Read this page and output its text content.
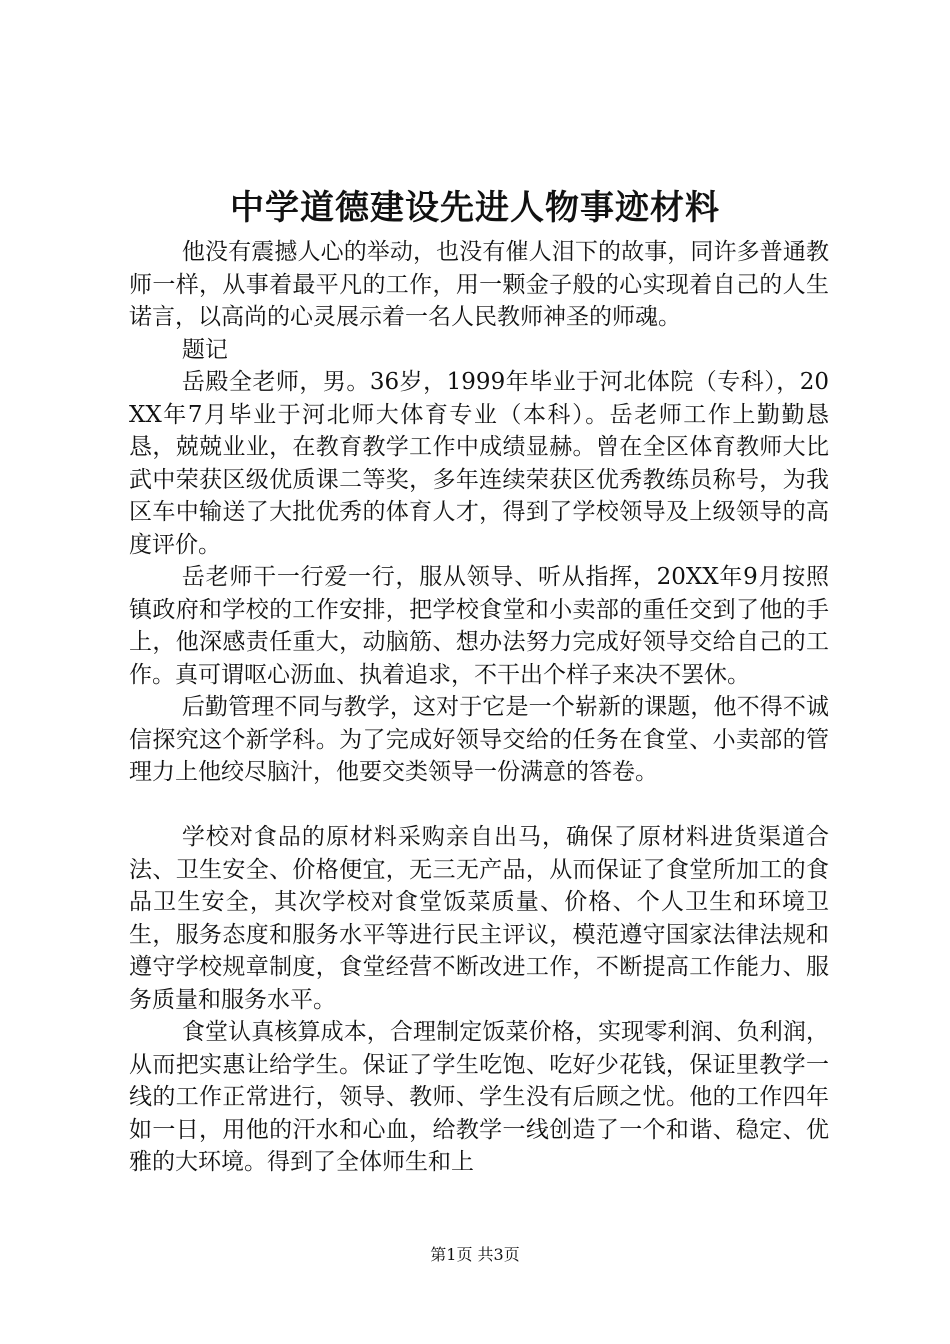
中学道德建设先进人物事迹材料

他没有震撼人心的举动，也没有催人泪下的故事，同许多普通教师一样，从事着最平凡的工作，用一颗金子般的心实现着自己的人生诺言，以高尚的心灵展示着一名人民教师神圣的师魂。

题记

岳殿全老师，男。36岁，1999年毕业于河北体院（专科），20XX年7月毕业于河北师大体育专业（本科）。岳老师工作上勤勤恳恳，兢兢业业，在教育教学工作中成绩显赫。曾在全区体育教师大比武中荣获区级优质课二等奖，多年连续荣获区优秀教练员称号，为我区车中输送了大批优秀的体育人才，得到了学校领导及上级领导的高度评价。

岳老师干一行爱一行，服从领导、听从指挥，20XX年9月按照镇政府和学校的工作安排，把学校食堂和小卖部的重任交到了他的手上，他深感责任重大，动脑筋、想办法努力完成好领导交给自己的工作。真可谓呕心沥血、执着追求，不干出个样子来决不罢休。

后勤管理不同与教学，这对于它是一个崭新的课题，他不得不诚信探究这个新学科。为了完成好领导交给的任务在食堂、小卖部的管理力上他绞尽脑汁，他要交类领导一份满意的答卷。

学校对食品的原材料采购亲自出马，确保了原材料进货渠道合法、卫生安全、价格便宜，无三无产品，从而保证了食堂所加工的食品卫生安全，其次学校对食堂饭菜质量、价格、个人卫生和环境卫生，服务态度和服务水平等进行民主评议，模范遵守国家法律法规和遵守学校规章制度，食堂经营不断改进工作，不断提高工作能力、服务质量和服务水平。

食堂认真核算成本，合理制定饭菜价格，实现零利润、负利润，从而把实惠让给学生。保证了学生吃饱、吃好少花钱，保证里教学一线的工作正常进行，领导、教师、学生没有后顾之忧。他的工作四年如一日，用他的汗水和心血，给教学一线创造了一个和谐、稳定、优雅的大环境。得到了全体师生和上

第1页 共3页
